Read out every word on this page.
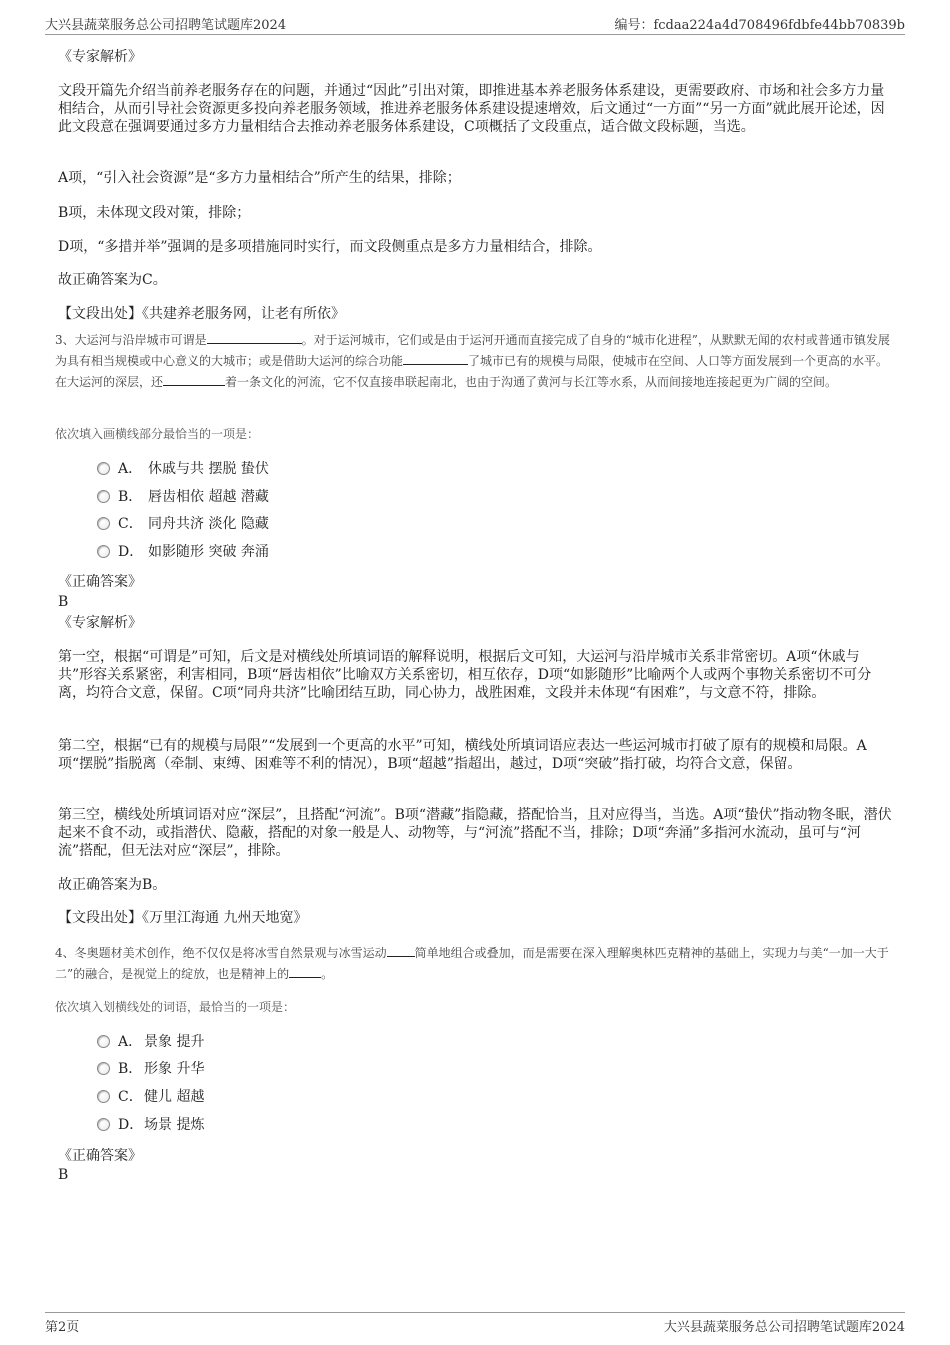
大兴县蔬菜服务总公司招聘笔试题库2024	编号：fcdaa224a4d708496fdbfe44bb70839b
《专家解析》

文段开篇先介绍当前养老服务存在的问题，并通过“因此”引出对策，即推进基本养老服务体系建设，更需要政府、市场和社会多方力量相结合，从而引导社会资源更多投向养老服务领域，推进养老服务体系建设提速增效，后文通过“一方面”“另一方面”就此展开论述，因此文段意在强调要通过多方力量相结合去推动养老服务体系建设，C项概括了文段重点，适合做文段标题，当选。

A项，“引入社会资源”是“多方力量相结合”所产生的结果，排除；

B项，未体现文段对策，排除；

D项，“多措并举”强调的是多项措施同时实行，而文段侧重点是多方力量相结合，排除。

故正确答案为C。

【文段出处】《共建养老服务网，让老有所依》

3、大运河与沿岸城市可谓是	。对于运河城市，它们或是由于运河开通而直接完成了自身的“城市化进程”，从默默无闻的农村或普通市镇发展为具有相当规模或中心意义的大城市；或是借助大运河的综合功能	了城市已有的规模与局限，使城市在空间、人口等方面发展到一个更高的水平。在大运河的深层，还	着一条文化的河流，它不仅直接串联起南北，也由于沟通了黄河与长江等水系，从而间接地连接起更为广阔的空间。

依次填入画横线部分最恰当的一项是：

A． 休戚与共 摆脱 蛰伏
B． 唇齿相依 超越 潜藏
C． 同舟共济 淡化 隐藏
D． 如影随形 突破 奔涌
《正确答案》
B
《专家解析》

第一空，根据“可谓是”可知，后文是对横线处所填词语的解释说明，根据后文可知，大运河与沿岸城市关系非常密切。A项“休戚与共”形容关系紧密，利害相同，B项“唇齿相依”比喻双方关系密切，相互依存，D项“如影随形”比喻两个人或两个事物关系密切不可分离，均符合文意，保留。C项“同舟共济”比喻团结互助，同心协力，战胜困难，文段并未体现“有困难”，与文意不符，排除。

第二空，根据“已有的规模与局限”“发展到一个更高的水平”可知，横线处所填词语应表达一些运河城市打破了原有的规模和局限。A项“摆脱”指脱离（牵制、束缚、困难等不利的情况），B项“超越”指超出，越过，D项“突破”指打破，均符合文意，保留。

第三空，横线处所填词语对应“深层”，且搭配“河流”。B项“潜藏”指隐藏，搭配恰当，且对应得当，当选。A项“蛰伏”指动物冬眠，潜伏起来不食不动，或指潜伏、隐蔽，搭配的对象一般是人、动物等，与“河流”搭配不当，排除；D项“奔涌”多指河水流动，虽可与“河流”搭配，但无法对应“深层”，排除。

故正确答案为B。

【文段出处】《万里江海通 九州天地宽》

4、冬奥题材美术创作，绝不仅仅是将冰雪自然景观与冰雪运动 简单地组合或叠加，而是需要在深入理解奥林匹克精神的基础上，实现力与美“一加一大于二”的融合，是视觉上的绽放，也是精神上的	。

依次填入划横线处的词语，最恰当的一项是：

A． 景象 提升
B． 形象 升华
C．健儿 超越
D．场景 提炼
《正确答案》
B
第2页	大兴县蔬菜服务总公司招聘笔试题库2024
